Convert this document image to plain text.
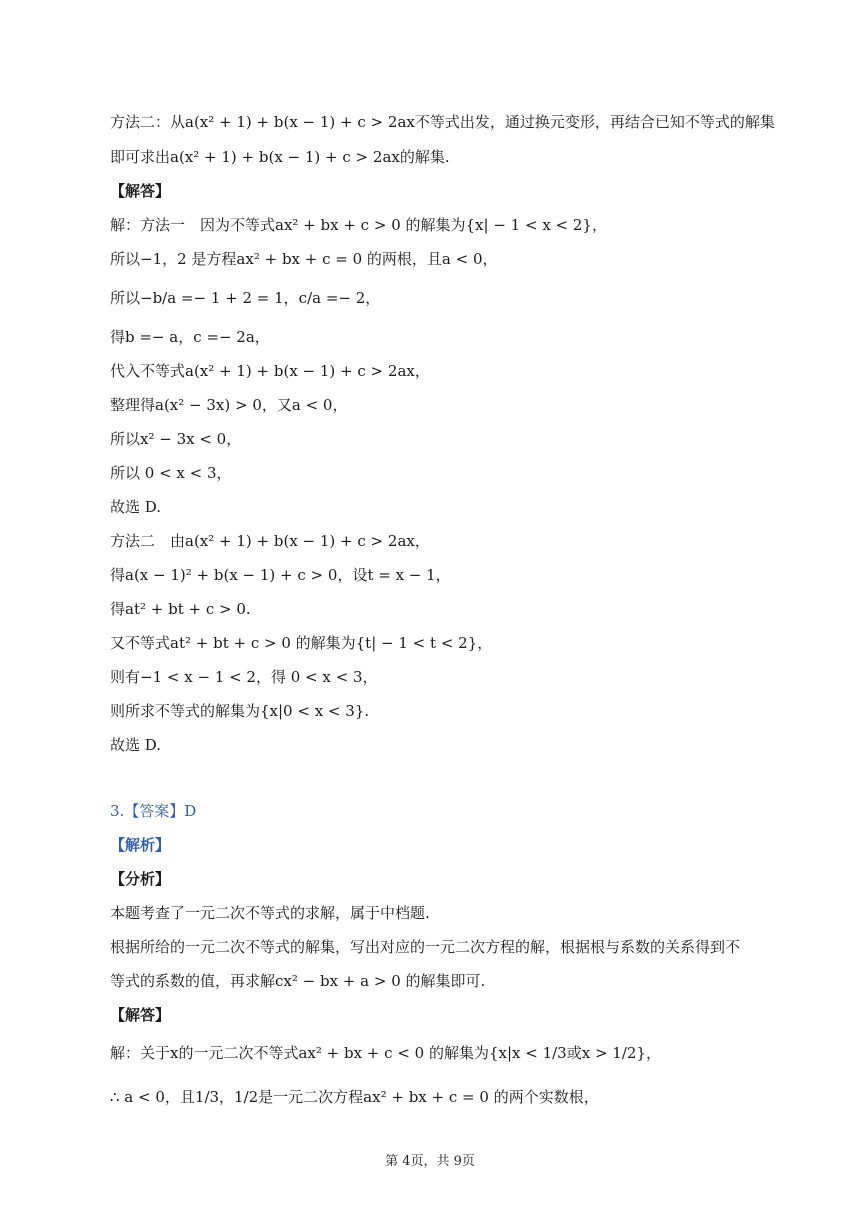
方法二：从a(x² + 1) + b(x − 1) + c > 2ax不等式出发，通过换元变形，再结合已知不等式的解集
即可求出a(x² + 1) + b(x − 1) + c > 2ax的解集.
【解答】
解：方法一　因为不等式ax² + bx + c > 0 的解集为{x| − 1 < x < 2}，
所以−1，2 是方程ax² + bx + c = 0 的两根，且a < 0，
所以−b/a =− 1 + 2 = 1，c/a =− 2，
得b =− a，c =− 2a，
代入不等式a(x² + 1) + b(x − 1) + c > 2ax，
整理得a(x² − 3x) > 0，又a < 0，
所以x² − 3x < 0，
所以 0 < x < 3，
故选 D.
方法二　由a(x² + 1) + b(x − 1) + c > 2ax，
得a(x − 1)² + b(x − 1) + c > 0，设t = x − 1，
得at² + bt + c > 0.
又不等式at² + bt + c > 0 的解集为{t| − 1 < t < 2}，
则有−1 < x − 1 < 2，得 0 < x < 3，
则所求不等式的解集为{x|0 < x < 3}.
故选 D.
3.【答案】D
【解析】
【分析】
本题考查了一元二次不等式的求解，属于中档题.
根据所给的一元二次不等式的解集，写出对应的一元二次方程的解，根据根与系数的关系得到不
等式的系数的值，再求解cx² − bx + a > 0 的解集即可.
【解答】
解：关于x的一元二次不等式ax² + bx + c < 0 的解集为{x|x < 1/3或x > 1/2}，
∴ a < 0，且1/3，1/2是一元二次方程ax² + bx + c = 0 的两个实数根，
第 4页，共 9页
